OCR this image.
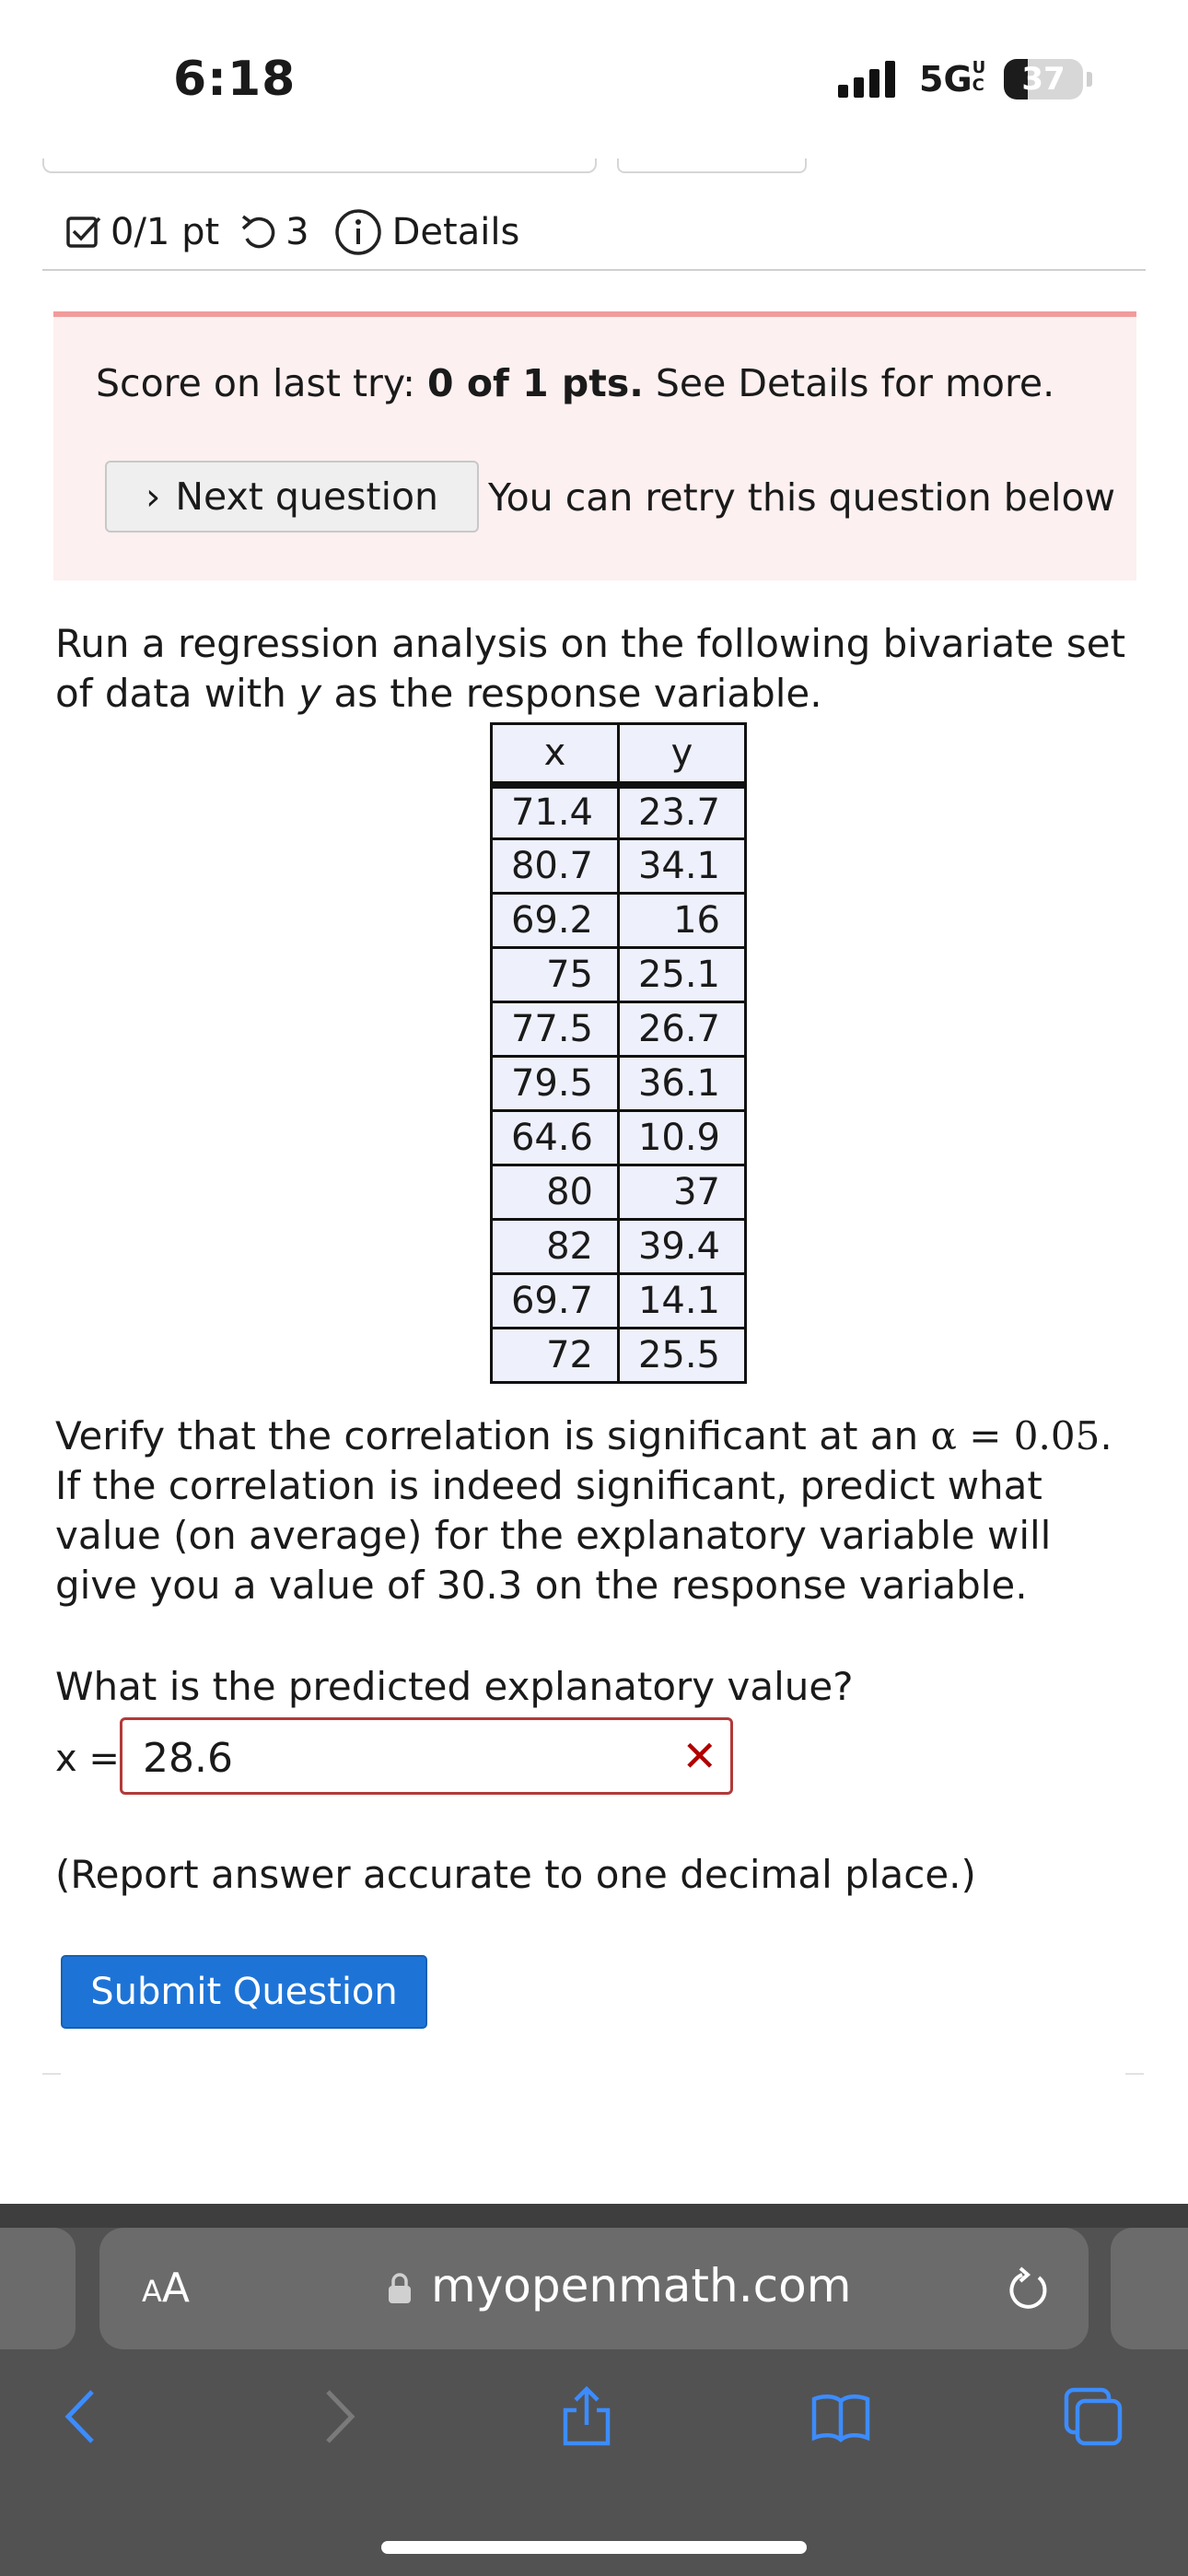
6:18	5GUC	37
0/1 pt 3 Details
Score on last try: 0 of 1 pts. See Details for more.
› Next question You can retry this question below
Run a regression analysis on the following bivariate set of data with y as the response variable.
x	y
71.4	23.7
80.7	34.1
69.2	16
75	25.1
77.5	26.7
79.5	36.1
64.6	10.9
80	37
82	39.4
69.7	14.1
72	25.5
Verify that the correlation is significant at an α = 0.05. If the correlation is indeed significant, predict what value (on average) for the explanatory variable will give you a value of 30.3 on the response variable.
What is the predicted explanatory value?
x = 28.6	✕
(Report answer accurate to one decimal place.)
Submit Question
AA	myopenmath.com
